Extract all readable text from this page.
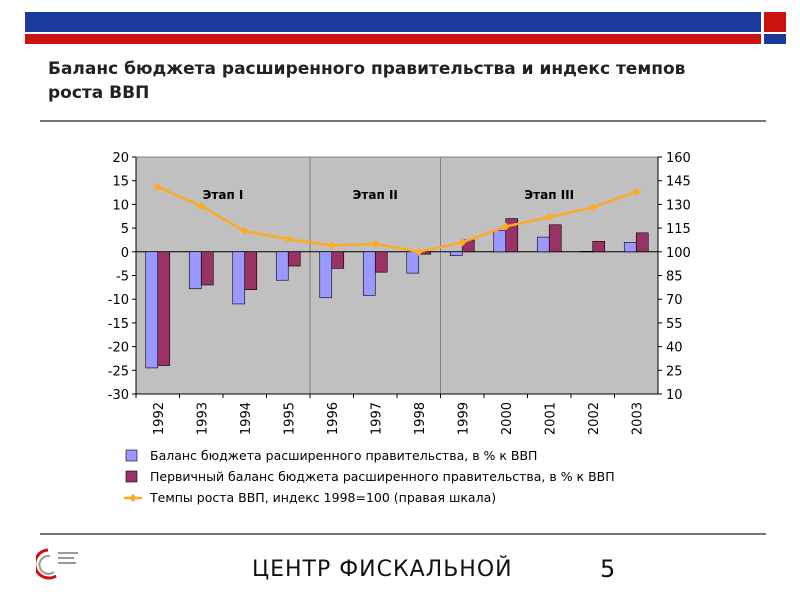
Баланс бюджета расширенного правительства и индекс темпов роста ВВП
Этап I	Этап II	Этап III
20
15
10
5
0
-5
-10
-15
-20
-25
-30
160
145
130
115
100
85
70
55
40
25
10
1992 1993 1994 1995 1996 1997 1998 1999 2000 2001 2002 2003
Баланс бюджета расширенного правительства, в % к ВВП
Первичный баланс бюджета расширенного правительства, в % к ВВП
Темпы роста ВВП, индекс 1998=100 (правая шкала)
ЦЕНТР ФИСКАЛЬНОЙ	5
